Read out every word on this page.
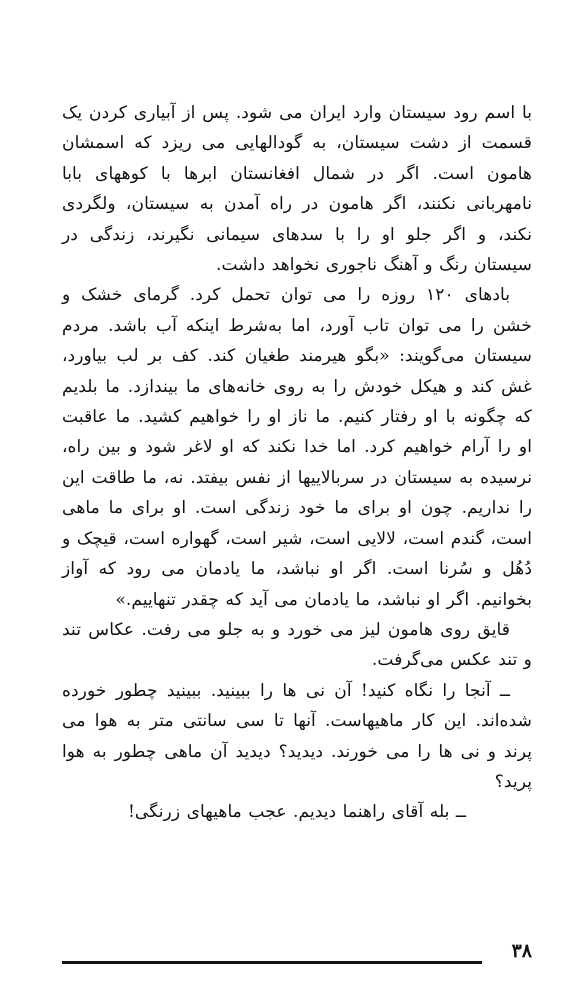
با اسم رود سیستان وارد ایران می شود. پس از آبیاری کردن یک قسمت از دشت سیستان، به گودالهایی می ریزد که اسمشان هامون است. اگر در شمال افغانستان ابرها با کوههای بابا نامهربانی نکنند، اگر هامون در راه آمدن به سیستان، ولگردی نکند، و اگر جلو او را با سدهای سیمانی نگیرند، زندگی در سیستان رنگ و آهنگ ناجوری نخواهد داشت.

بادهای ۱۲۰ روزه را می توان تحمل کرد. گرمای خشک و خشن را می توان تاب آورد، اما به‌شرط اینکه آب باشد. مردم سیستان می‌گویند: «بگو هیرمند طغیان کند. کف بر لب بیاورد، غش کند و هیکل خودش را به روی خانه‌های ما بیندازد. ما بلدیم که چگونه با او رفتار کنیم. ما ناز او را خواهیم کشید. ما عاقبت او را آرام خواهیم کرد. اما خدا نکند که او لاغر شود و بین راه، نرسیده به سیستان در سربالاییها از نفس بیفتد. نه، ما طاقت این را نداریم. چون او برای ما خود زندگی است. او برای ما ماهی است، گندم است، لالایی است، شیر است، گهواره است، قیچک و دُهُل و سُرنا است. اگر او نباشد، ما یادمان می رود که آواز بخوانیم. اگر او نباشد، ما یادمان می آید که چقدر تنهاییم.»

قایق روی هامون لیز می خورد و به جلو می رفت. عکاس تند و تند عکس می‌گرفت.

ــ آنجا را نگاه کنید! آن نی ها را ببینید. ببینید چطور خورده شده‌اند. این کار ماهیهاست. آنها تا سی سانتی متر به هوا می پرند و نی ها را می خورند. دیدید؟ دیدید آن ماهی چطور به هوا پرید؟

ــ بله آقای راهنما دیدیم. عجب ماهیهای زرنگی!

۳۸
